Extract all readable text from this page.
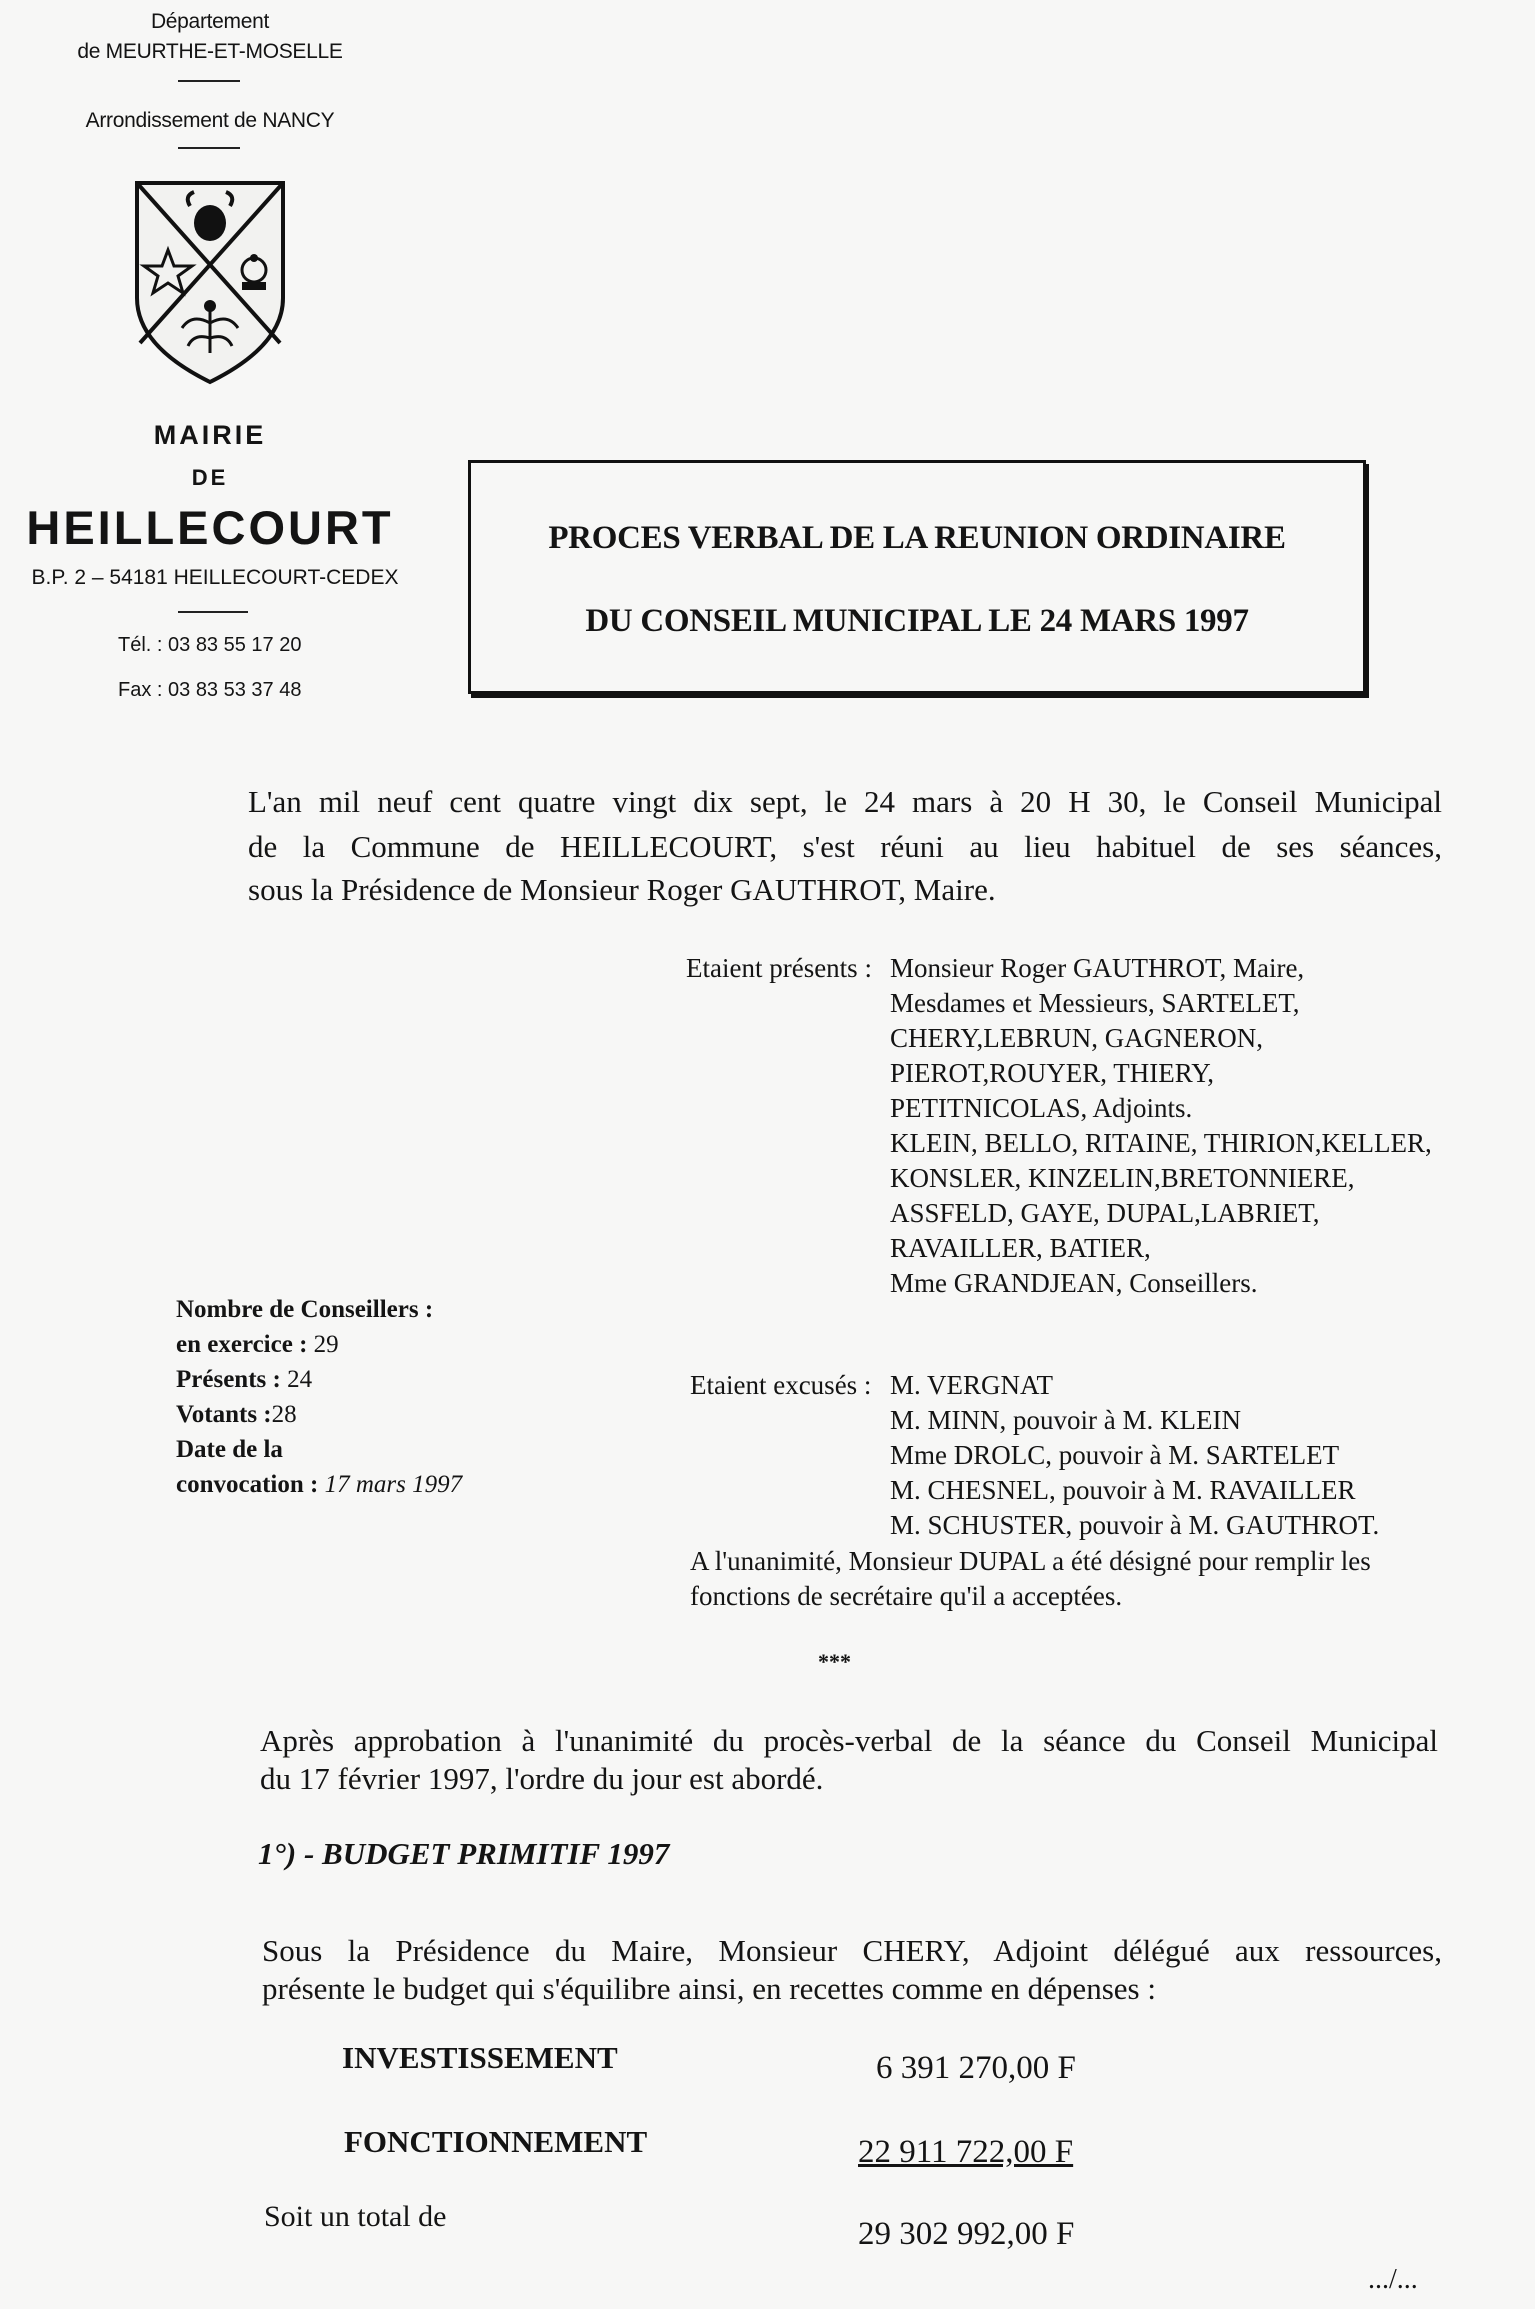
Département
de MEURTHE-ET-MOSELLE
Arrondissement de NANCY
MAIRIE
DE
HEILLECOURT
B.P. 2 – 54181 HEILLECOURT-CEDEX
Tél. : 03 83 55 17 20
Fax : 03 83 53 37 48
PROCES VERBAL DE LA REUNION ORDINAIRE
DU CONSEIL MUNICIPAL LE 24 MARS 1997
L'an mil neuf cent quatre vingt dix sept, le 24 mars à 20 H 30, le Conseil Municipal
de la Commune de HEILLECOURT, s'est réuni au lieu habituel de ses séances,
sous la Présidence de Monsieur Roger GAUTHROT, Maire.
Etaient présents : Monsieur Roger GAUTHROT, Maire,
Mesdames et Messieurs, SARTELET,
CHERY,LEBRUN, GAGNERON,
PIEROT,ROUYER, THIERY,
PETITNICOLAS, Adjoints.
KLEIN, BELLO, RITAINE, THIRION,KELLER,
KONSLER, KINZELIN,BRETONNIERE,
ASSFELD, GAYE, DUPAL,LABRIET,
RAVAILLER, BATIER,
Mme GRANDJEAN, Conseillers.
Nombre de Conseillers :
en exercice : 29
Présents : 24
Votants :28
Date de la
convocation : 17 mars 1997
Etaient excusés : M. VERGNAT
M. MINN, pouvoir à M. KLEIN
Mme DROLC, pouvoir à M. SARTELET
M. CHESNEL, pouvoir à M. RAVAILLER
M. SCHUSTER, pouvoir à M. GAUTHROT.
A l'unanimité, Monsieur DUPAL a été désigné pour remplir les
fonctions de secrétaire qu'il a acceptées.
***
Après approbation à l'unanimité du procès-verbal de la séance du Conseil Municipal
du 17 février 1997, l'ordre du jour est abordé.
1°) - BUDGET PRIMITIF 1997
Sous la Présidence du Maire, Monsieur CHERY, Adjoint délégué aux ressources,
présente le budget qui s'équilibre ainsi, en recettes comme en dépenses :
INVESTISSEMENT	6 391 270,00 F
FONCTIONNEMENT	22 911 722,00 F
Soit un total de	29 302 992,00 F
.../...
